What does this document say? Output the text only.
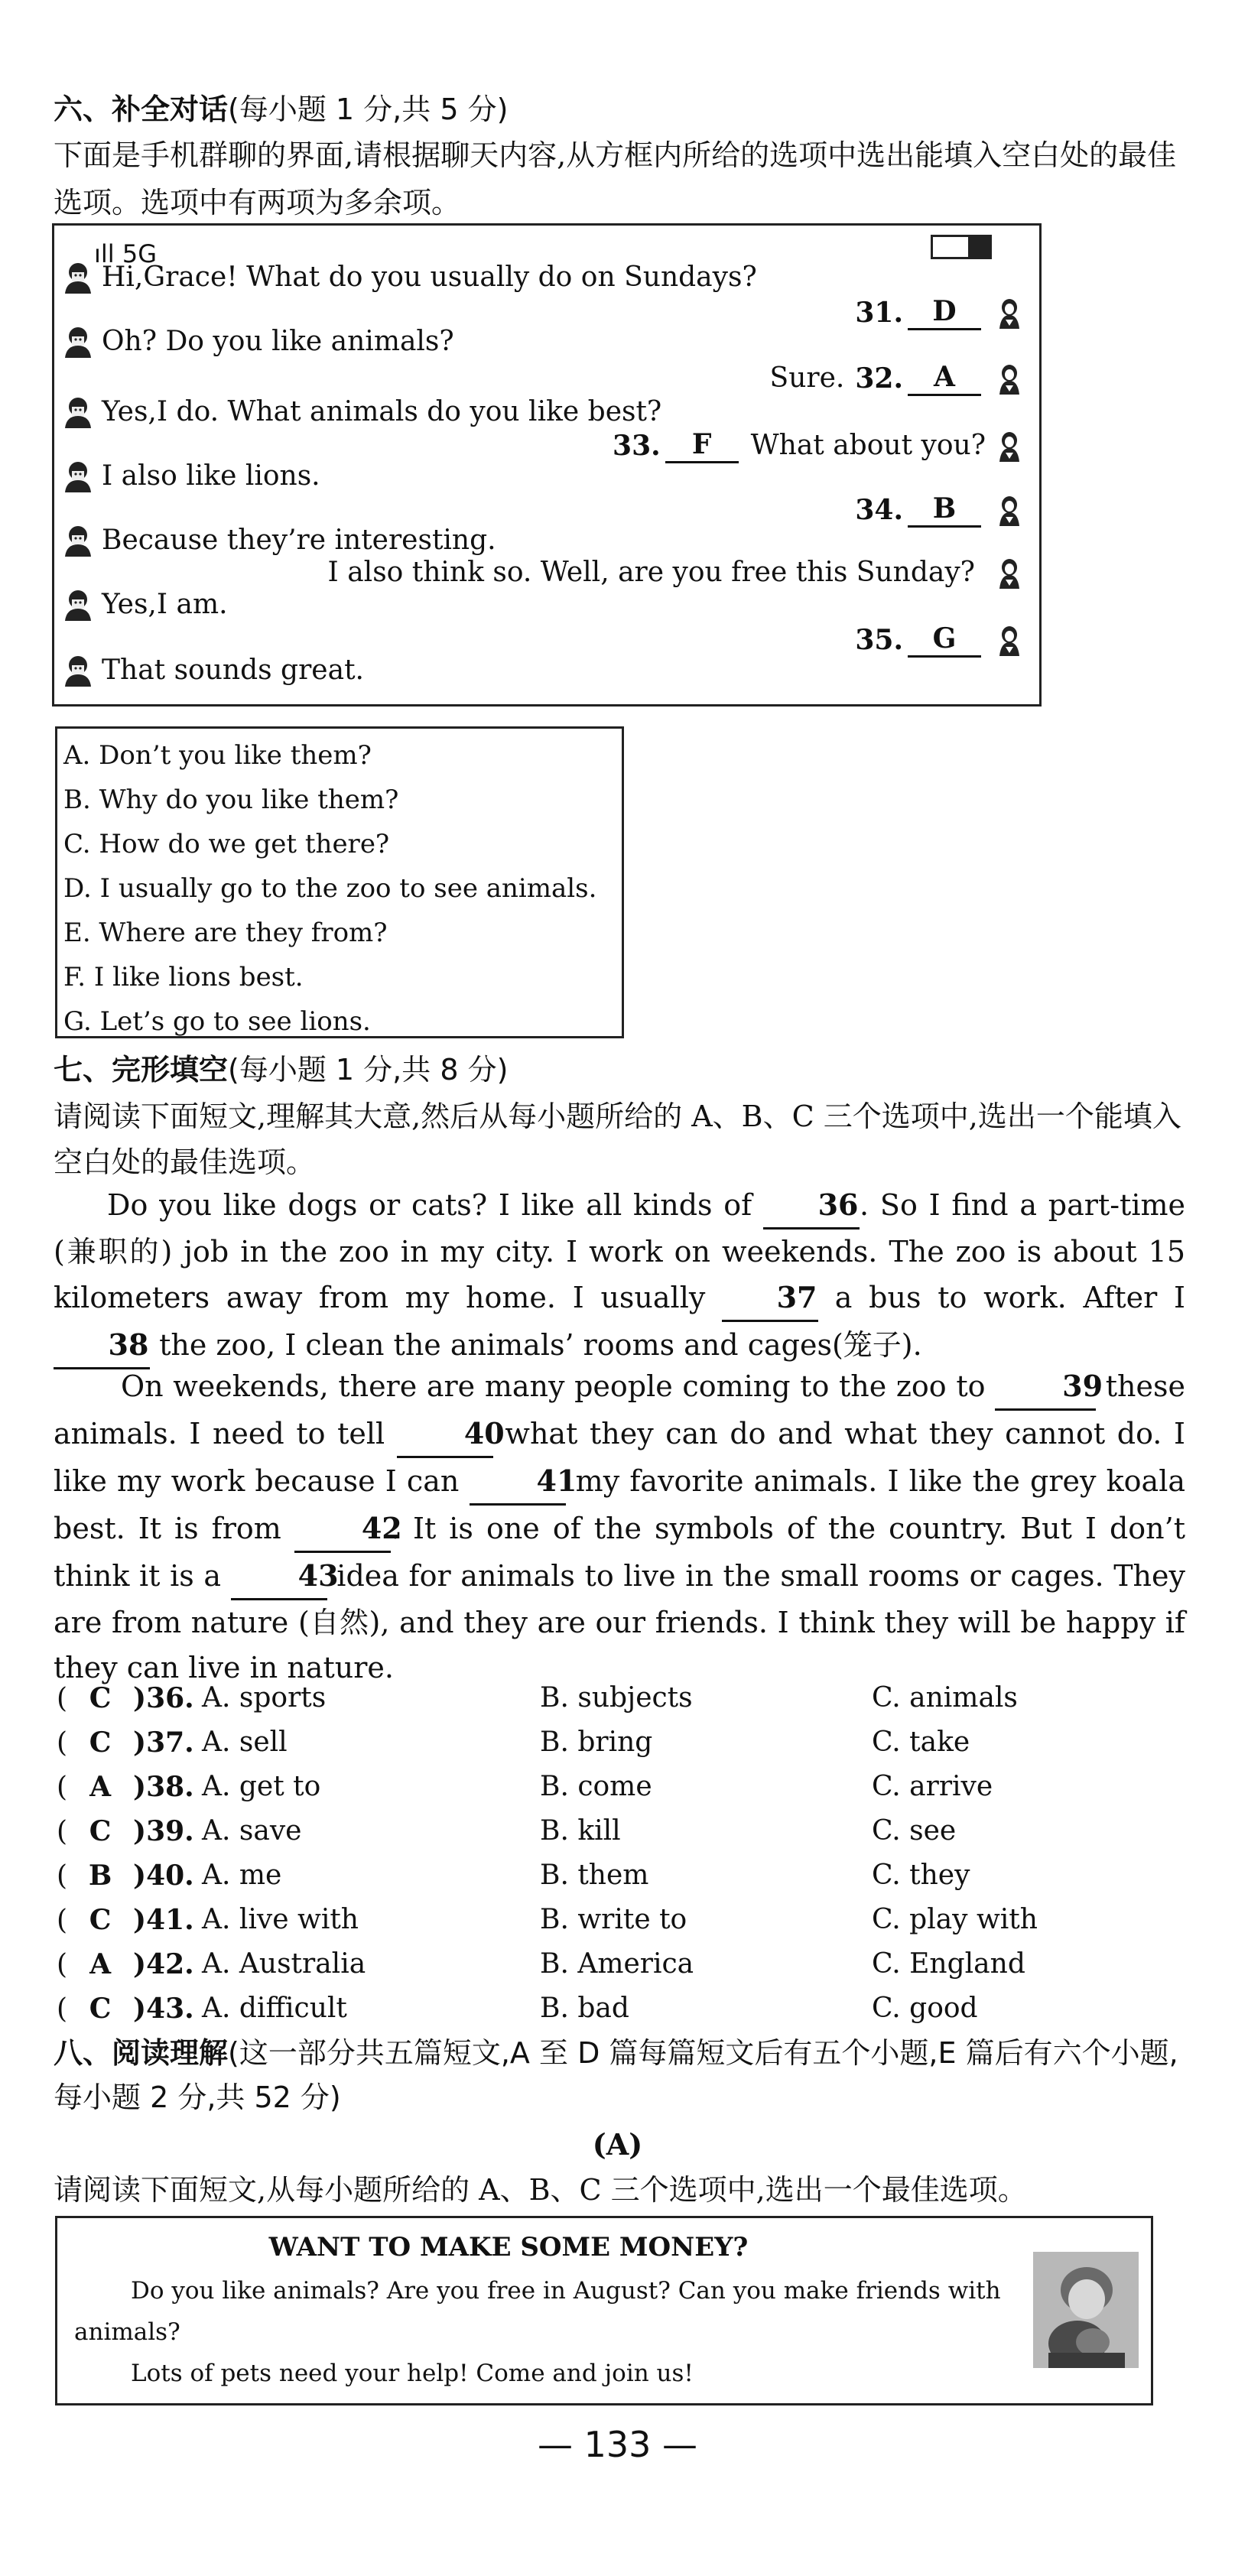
六、补全对话(每小题 1 分,共 5 分)
下面是手机群聊的界面,请根据聊天内容,从方框内所给的选项中选出能填入空白处的最佳选项。选项中有两项为多余项。
ıll 5G
Hi,Grace! What do you usually do on Sundays?
31.	D
Oh? Do you like animals?
Sure. 32.	A
Yes,I do. What animals do you like best?
33.	F	What about you?
I also like lions.
34.	B
Because they’re interesting.
I also think so. Well, are you free this Sunday?
Yes,I am.
35.	G
That sounds great.
A. Don’t you like them?
B. Why do you like them?
C. How do we get there?
D. I usually go to the zoo to see animals.
E. Where are they from?
F. I like lions best.
G. Let’s go to see lions.
七、完形填空(每小题 1 分,共 8 分)
请阅读下面短文,理解其大意,然后从每小题所给的 A、B、C 三个选项中,选出一个能填入空白处的最佳选项。
Do you like dogs or cats? I like all kinds of 36. So I find a part-time (兼职的) job in the zoo in my city. I work on weekends. The zoo is about 15 kilometers away from my home. I usually 37 a bus to work. After I 38 the zoo, I clean the animals’ rooms and cages(笼子).
On weekends, there are many people coming to the zoo to 39 these animals. I need to tell 40 what they can do and what they cannot do. I like my work because I can 41 my favorite animals. I like the grey koala best. It is from 42. It is one of the symbols of the country. But I don’t think it is a 43 idea for animals to live in the small rooms or cages. They are from nature (自然), and they are our friends. I think they will be happy if they can live in nature.
( C )36. A. sports	B. subjects	C. animals
( C )37. A. sell	B. bring	C. take
( A )38. A. get to	B. come	C. arrive
( C )39. A. save	B. kill	C. see
( B )40. A. me	B. them	C. they
( C )41. A. live with	B. write to	C. play with
( A )42. A. Australia	B. America	C. England
( C )43. A. difficult	B. bad	C. good
八、阅读理解(这一部分共五篇短文,A 至 D 篇每篇短文后有五个小题,E 篇后有六个小题,每小题 2 分,共 52 分)
(A)
请阅读下面短文,从每小题所给的 A、B、C 三个选项中,选出一个最佳选项。
WANT TO MAKE SOME MONEY?
Do you like animals? Are you free in August? Can you make friends with
animals?
Lots of pets need your help! Come and join us!
— 133 —
